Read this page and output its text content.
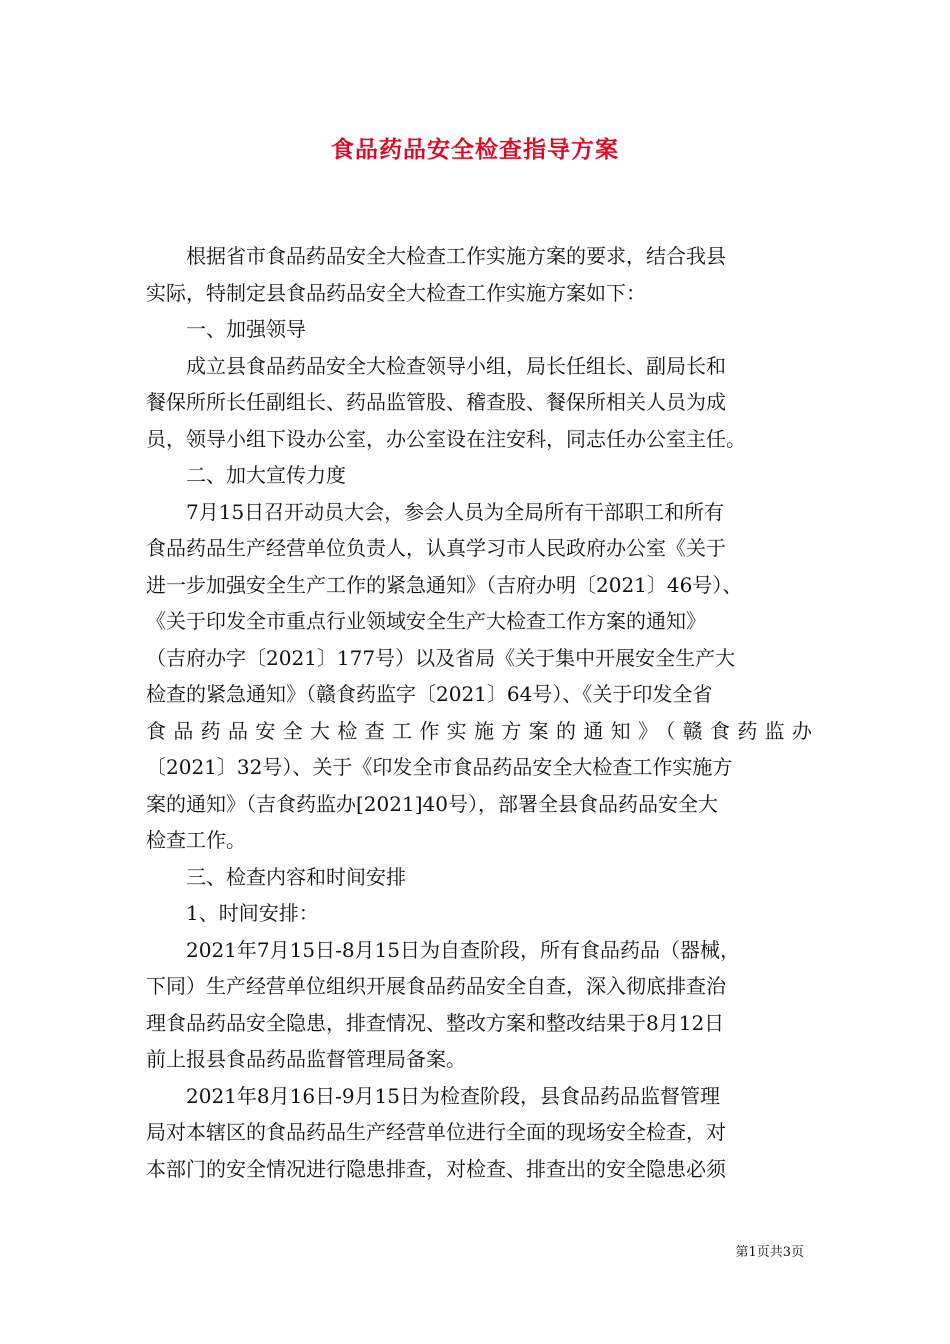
食品药品安全检查指导方案

根据省市食品药品安全大检查工作实施方案的要求，结合我县

实际，特制定县食品药品安全大检查工作实施方案如下：

一、加强领导

成立县食品药品安全大检查领导小组，局长任组长、副局长和

餐保所所长任副组长、药品监管股、稽查股、餐保所相关人员为成

员，领导小组下设办公室，办公室设在注安科，同志任办公室主任。

二、加大宣传力度

7月15日召开动员大会，参会人员为全局所有干部职工和所有

食品药品生产经营单位负责人，认真学习市人民政府办公室《关于

进一步加强安全生产工作的紧急通知》（吉府办明〔2021〕46号）、

《关于印发全市重点行业领域安全生产大检查工作方案的通知》

（吉府办字〔2021〕177号）以及省局《关于集中开展安全生产大

检查的紧急通知》（赣食药监字〔2021〕64号）、《关于印发全省

食品药品安全大检查工作实施方案的通知》（赣食药监办

〔2021〕32号）、关于《印发全市食品药品安全大检查工作实施方

案的通知》（吉食药监办[2021]40号），部署全县食品药品安全大

检查工作。

三、检查内容和时间安排

1、时间安排：

2021年7月15日-8月15日为自查阶段，所有食品药品（器械，

下同）生产经营单位组织开展食品药品安全自查，深入彻底排查治

理食品药品安全隐患，排查情况、整改方案和整改结果于8月12日

前上报县食品药品监督管理局备案。

2021年8月16日-9月15日为检查阶段，县食品药品监督管理

局对本辖区的食品药品生产经营单位进行全面的现场安全检查，对

本部门的安全情况进行隐患排查，对检查、排查出的安全隐患必须

第1页共3页
